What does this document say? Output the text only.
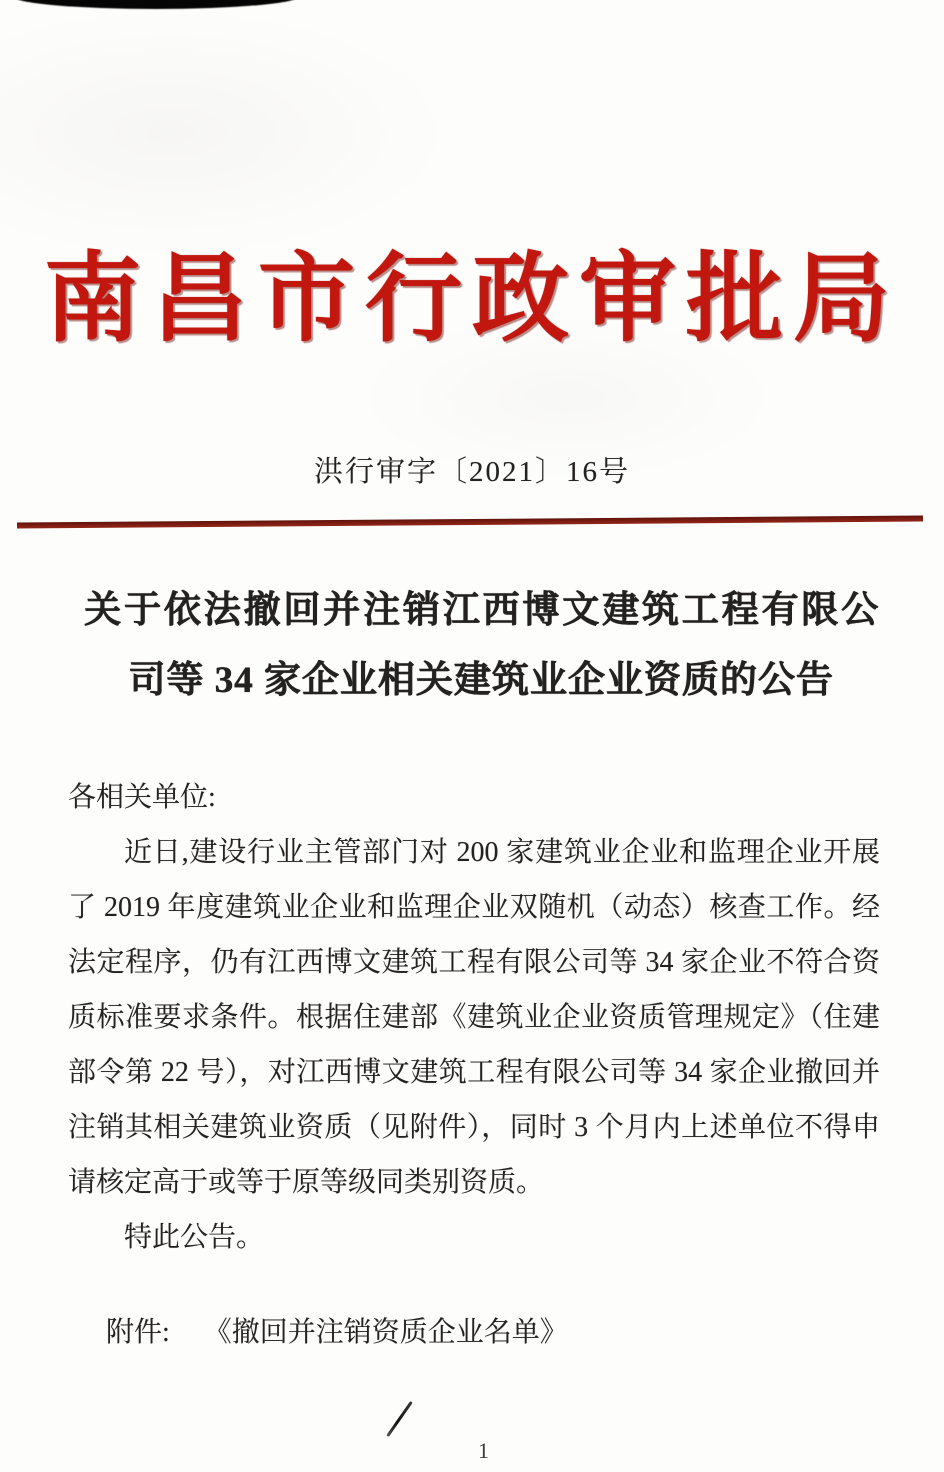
南昌市行政审批局
洪行审字〔2021〕16号
关于依法撤回并注销江西博文建筑工程有限公
司等 34 家企业相关建筑业企业资质的公告
各相关单位:
近日,建设行业主管部门对 200 家建筑业企业和监理企业开展
了 2019 年度建筑业企业和监理企业双随机（动态）核查工作。经
法定程序，仍有江西博文建筑工程有限公司等 34 家企业不符合资
质标准要求条件。根据住建部《建筑业企业资质管理规定》（住建
部令第 22 号），对江西博文建筑工程有限公司等 34 家企业撤回并
注销其相关建筑业资质（见附件），同时 3 个月内上述单位不得申
请核定高于或等于原等级同类别资质。
特此公告。
附件: 《撤回并注销资质企业名单》
1
